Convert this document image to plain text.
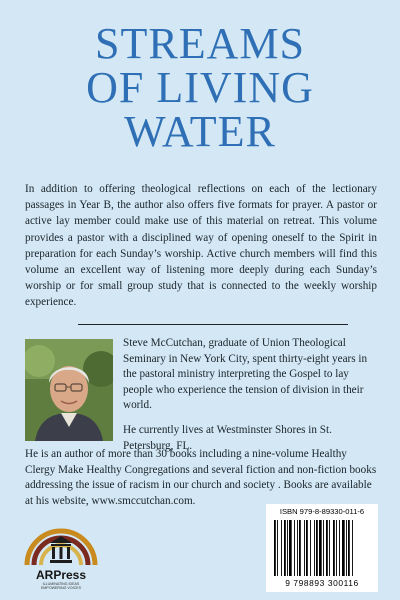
STREAMS
OF LIVING
WATER
In addition to offering theological reflections on each of the lectionary passages in Year B, the author also offers five formats for prayer. A pastor or active lay member could make use of this material on retreat. This volume provides a pastor with a disciplined way of opening oneself to the Spirit in preparation for each Sunday’s worship. Active church members will find this volume an excellent way of listening more deeply during each Sunday’s worship or for small group study that is connected to the weekly worship experience.

Steve McCutchan, graduate of Union Theological Seminary in New York City, spent thirty-eight years in the pastoral ministry interpreting the Gospel to lay people who experience the tension of division in their world.

He currently lives at Westminster Shores in St. Petersburg, FL.

He is an author of more than 30 books including a nine-volume Healthy Clergy Make Healthy Congregations and several fiction and non-fiction books addressing the issue of racism in our church and society . Books are available at his website, www.smccutchan.com.
ARPress
ILLUMINATING IDEAS
EMPOWERING VOICES
ISBN 979-8-89330-011-6
9 798893 300116
